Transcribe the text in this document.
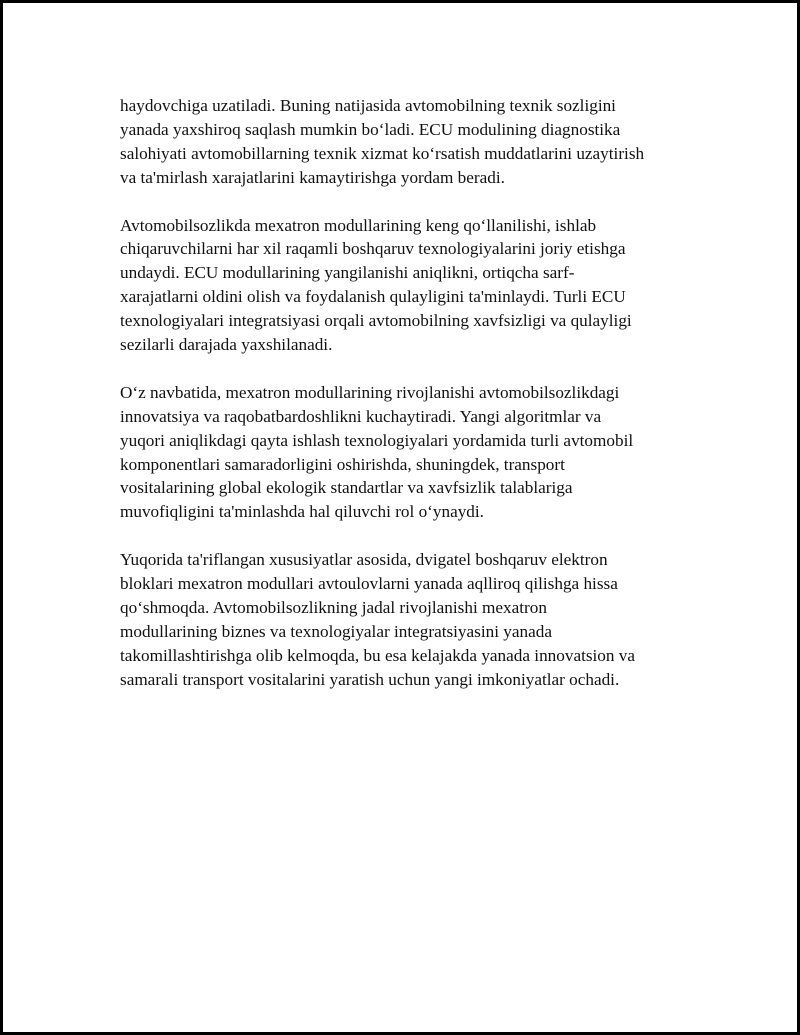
haydovchiga uzatiladi. Buning natijasida avtomobilning texnik sozligini
yanada yaxshiroq saqlash mumkin bo‘ladi. ECU modulining diagnostika
salohiyati avtomobillarning texnik xizmat ko‘rsatish muddatlarini uzaytirish
va ta'mirlash xarajatlarini kamaytirishga yordam beradi.

Avtomobilsozlikda mexatron modullarining keng qo‘llanilishi, ishlab
chiqaruvchilarni har xil raqamli boshqaruv texnologiyalarini joriy etishga
undaydi. ECU modullarining yangilanishi aniqlikni, ortiqcha sarf-
xarajatlarni oldini olish va foydalanish qulayligini ta'minlaydi. Turli ECU
texnologiyalari integratsiyasi orqali avtomobilning xavfsizligi va qulayligi
sezilarli darajada yaxshilanadi.

O‘z navbatida, mexatron modullarining rivojlanishi avtomobilsozlikdagi
innovatsiya va raqobatbardoshlikni kuchaytiradi. Yangi algoritmlar va
yuqori aniqlikdagi qayta ishlash texnologiyalari yordamida turli avtomobil
komponentlari samaradorligini oshirishda, shuningdek, transport
vositalarining global ekologik standartlar va xavfsizlik talablariga
muvofiqligini ta'minlashda hal qiluvchi rol o‘ynaydi.

Yuqorida ta'riflangan xususiyatlar asosida, dvigatel boshqaruv elektron
bloklari mexatron modullari avtoulovlarni yanada aqlliroq qilishga hissa
qo‘shmoqda. Avtomobilsozlikning jadal rivojlanishi mexatron
modullarining biznes va texnologiyalar integratsiyasini yanada
takomillashtirishga olib kelmoqda, bu esa kelajakda yanada innovatsion va
samarali transport vositalarini yaratish uchun yangi imkoniyatlar ochadi.
